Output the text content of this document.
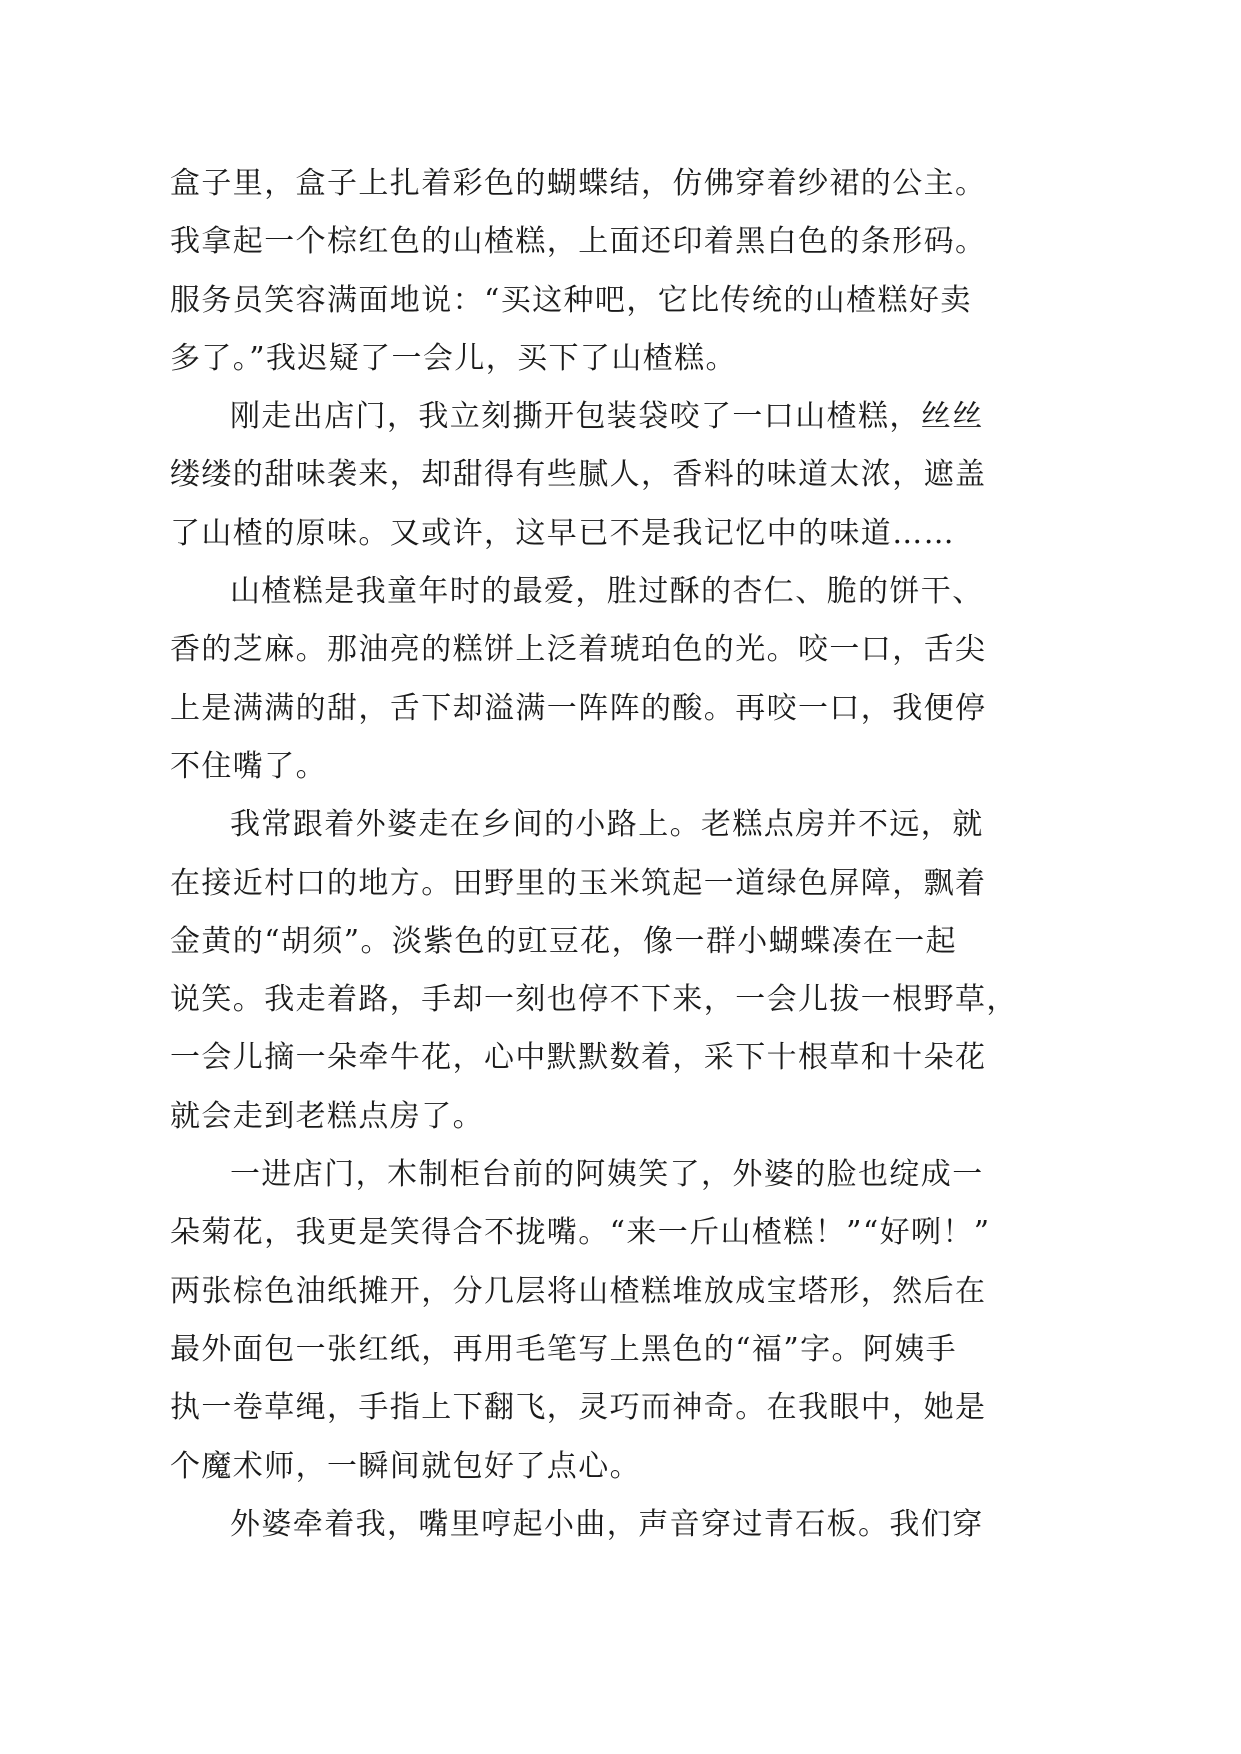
盒子里，盒子上扎着彩色的蝴蝶结，仿佛穿着纱裙的公主。
我拿起一个棕红色的山楂糕，上面还印着黑白色的条形码。
服务员笑容满面地说：“买这种吧，它比传统的山楂糕好卖
多了。”我迟疑了一会儿，买下了山楂糕。
刚走出店门，我立刻撕开包装袋咬了一口山楂糕，丝丝
缕缕的甜味袭来，却甜得有些腻人，香料的味道太浓，遮盖
了山楂的原味。又或许，这早已不是我记忆中的味道……
山楂糕是我童年时的最爱，胜过酥的杏仁、脆的饼干、
香的芝麻。那油亮的糕饼上泛着琥珀色的光。咬一口，舌尖
上是满满的甜，舌下却溢满一阵阵的酸。再咬一口，我便停
不住嘴了。
我常跟着外婆走在乡间的小路上。老糕点房并不远，就
在接近村口的地方。田野里的玉米筑起一道绿色屏障，飘着
金黄的“胡须”。淡紫色的豇豆花，像一群小蝴蝶凑在一起
说笑。我走着路，手却一刻也停不下来，一会儿拔一根野草，
一会儿摘一朵牵牛花，心中默默数着，采下十根草和十朵花
就会走到老糕点房了。
一进店门，木制柜台前的阿姨笑了，外婆的脸也绽成一
朵菊花，我更是笑得合不拢嘴。“来一斤山楂糕！”“好咧！”
两张棕色油纸摊开，分几层将山楂糕堆放成宝塔形，然后在
最外面包一张红纸，再用毛笔写上黑色的“福”字。阿姨手
执一卷草绳，手指上下翻飞，灵巧而神奇。在我眼中，她是
个魔术师，一瞬间就包好了点心。
外婆牵着我，嘴里哼起小曲，声音穿过青石板。我们穿
